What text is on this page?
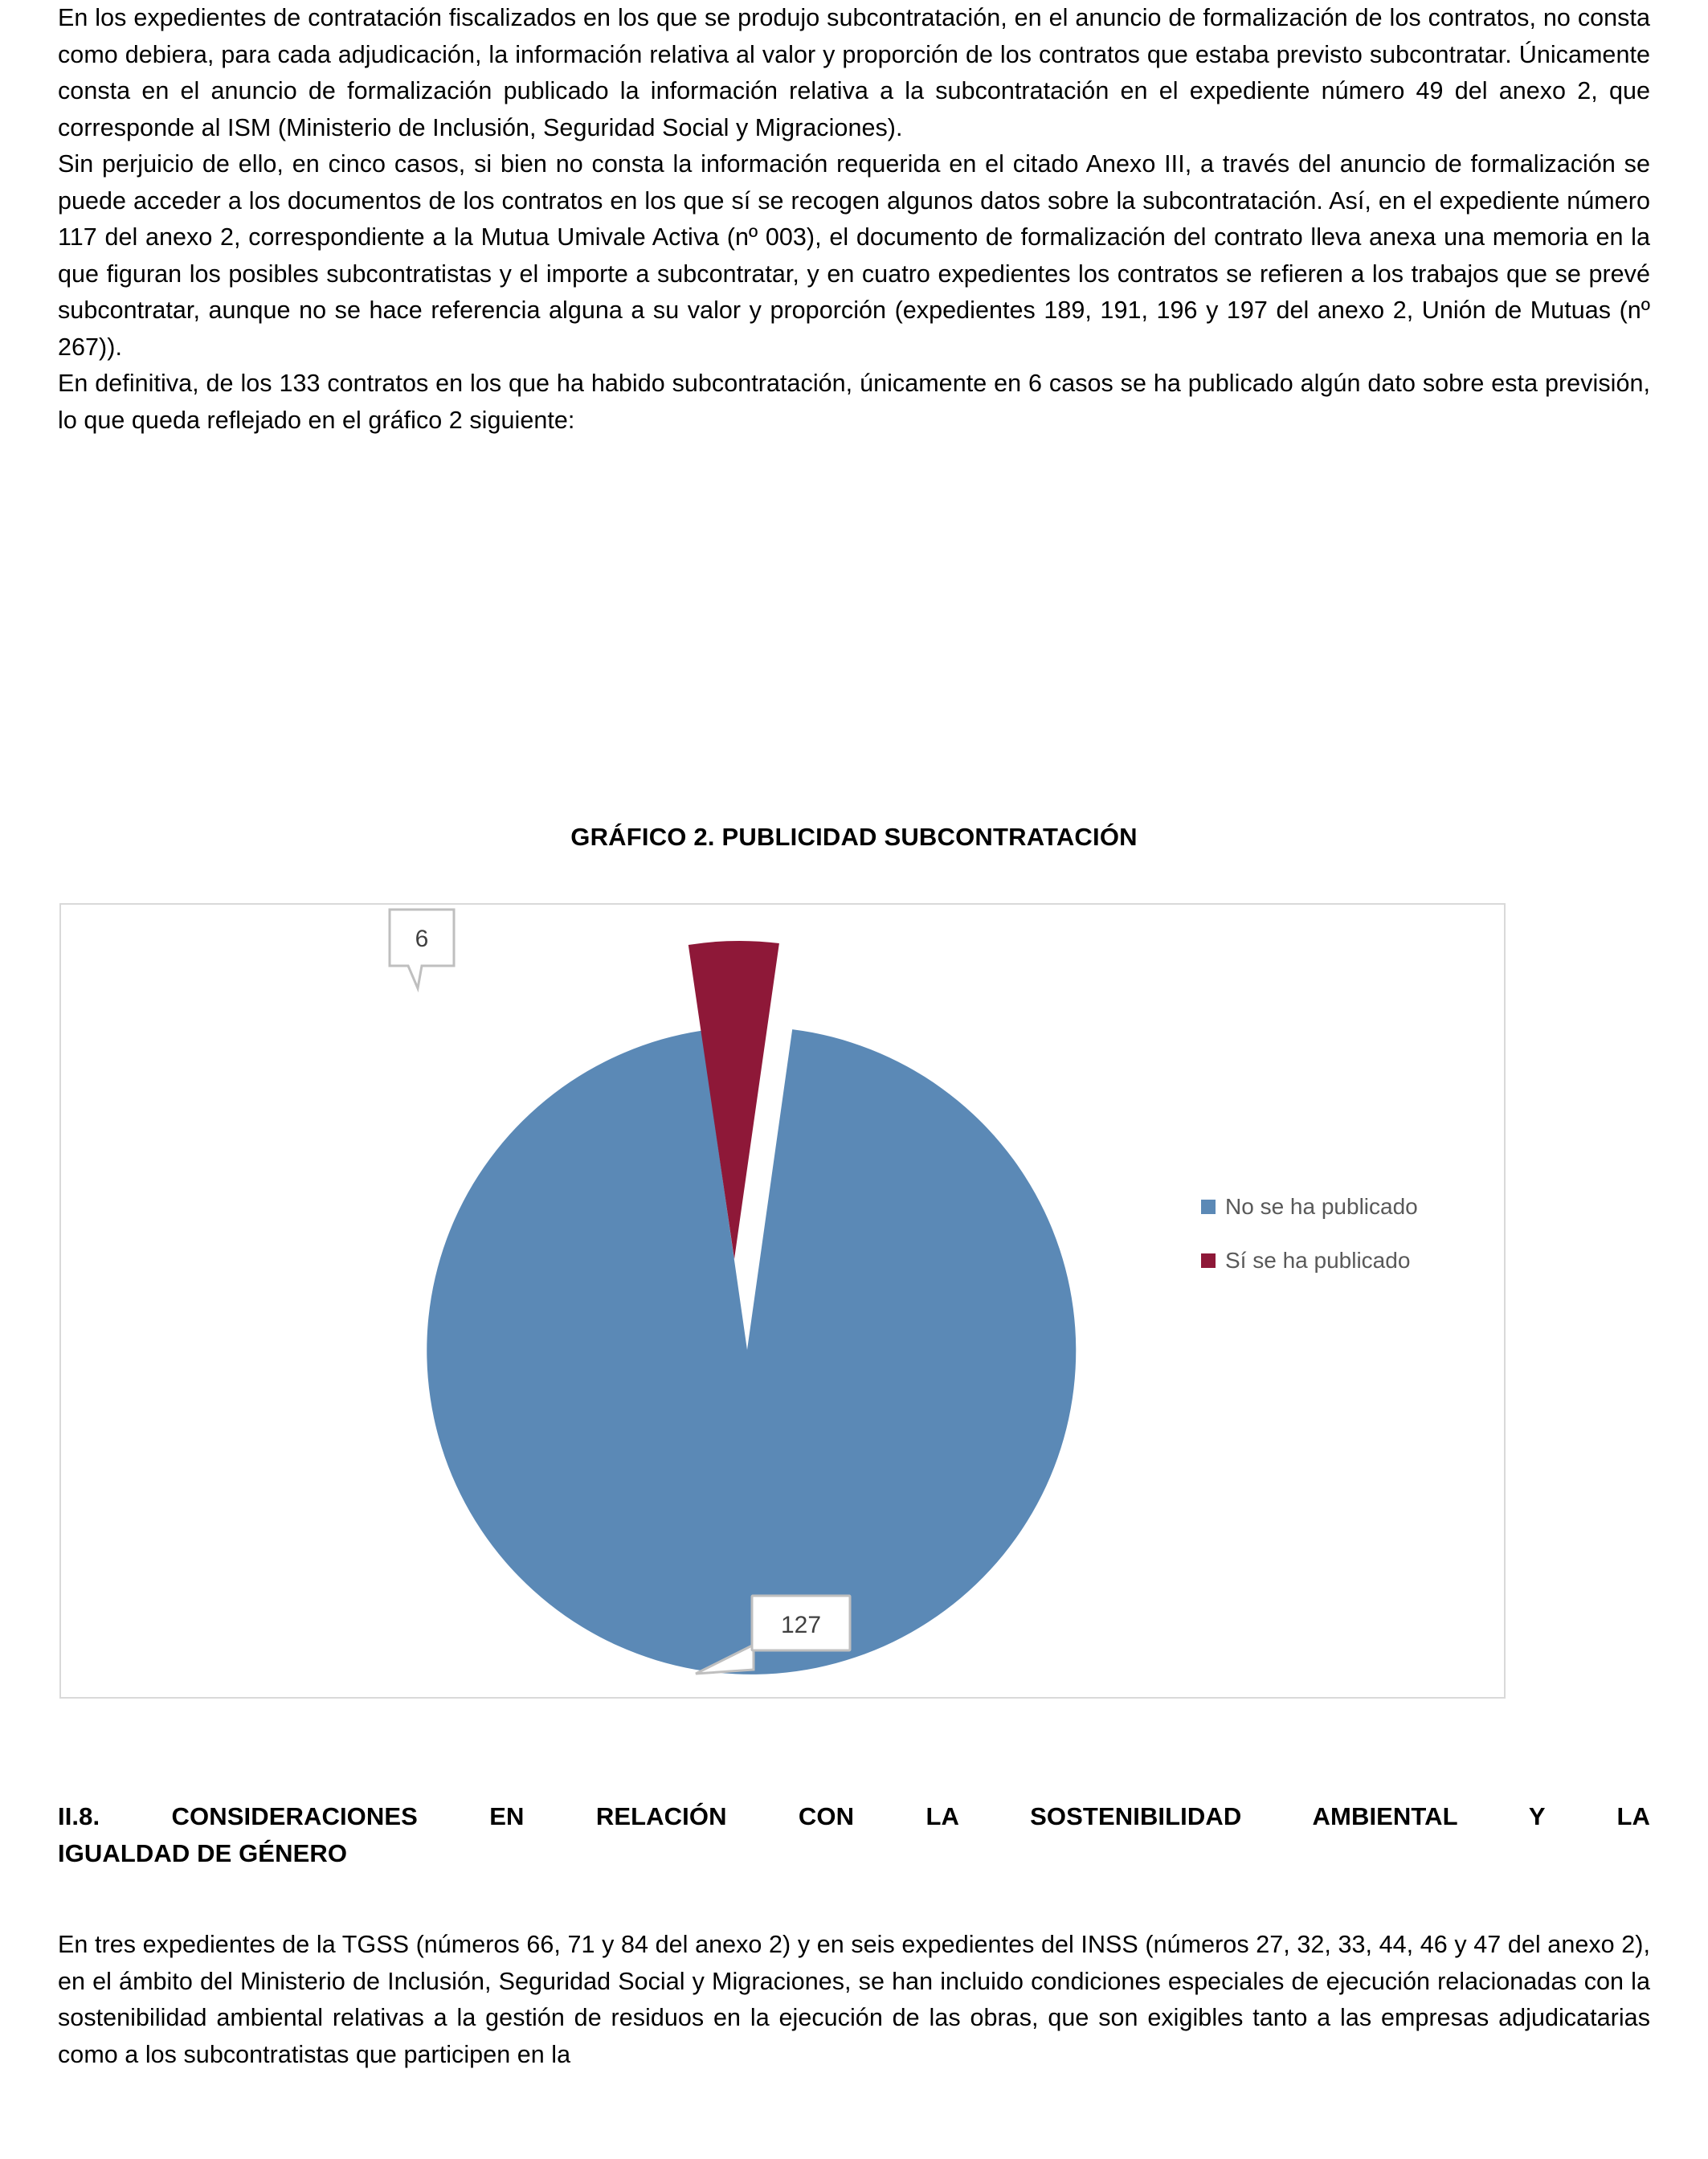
En los expedientes de contratación fiscalizados en los que se produjo subcontratación, en el anuncio de formalización de los contratos, no consta como debiera, para cada adjudicación, la información relativa al valor y proporción de los contratos que estaba previsto subcontratar. Únicamente consta en el anuncio de formalización publicado la información relativa a la subcontratación en el expediente número 49 del anexo 2, que corresponde al ISM (Ministerio de Inclusión, Seguridad Social y Migraciones).

Sin perjuicio de ello, en cinco casos, si bien no consta la información requerida en el citado Anexo III, a través del anuncio de formalización se puede acceder a los documentos de los contratos en los que sí se recogen algunos datos sobre la subcontratación. Así, en el expediente número 117 del anexo 2, correspondiente a la Mutua Umivale Activa (nº 003), el documento de formalización del contrato lleva anexa una memoria en la que figuran los posibles subcontratistas y el importe a subcontratar, y en cuatro expedientes los contratos se refieren a los trabajos que se prevé subcontratar, aunque no se hace referencia alguna a su valor y proporción (expedientes 189, 191, 196 y 197 del anexo 2, Unión de Mutuas (nº 267)).

En definitiva, de los 133 contratos en los que ha habido subcontratación, únicamente en 6 casos se ha publicado algún dato sobre esta previsión, lo que queda reflejado en el gráfico 2 siguiente:

GRÁFICO 2. PUBLICIDAD SUBCONTRATACIÓN
6
127
No se ha publicado
Sí se ha publicado
II.8. CONSIDERACIONES EN RELACIÓN CON LA SOSTENIBILIDAD AMBIENTAL Y LA
IGUALDAD DE GÉNERO

En tres expedientes de la TGSS (números 66, 71 y 84 del anexo 2) y en seis expedientes del INSS (números 27, 32, 33, 44, 46 y 47 del anexo 2), en el ámbito del Ministerio de Inclusión, Seguridad Social y Migraciones, se han incluido condiciones especiales de ejecución relacionadas con la sostenibilidad ambiental relativas a la gestión de residuos en la ejecución de las obras, que son exigibles tanto a las empresas adjudicatarias como a los subcontratistas que participen en la
